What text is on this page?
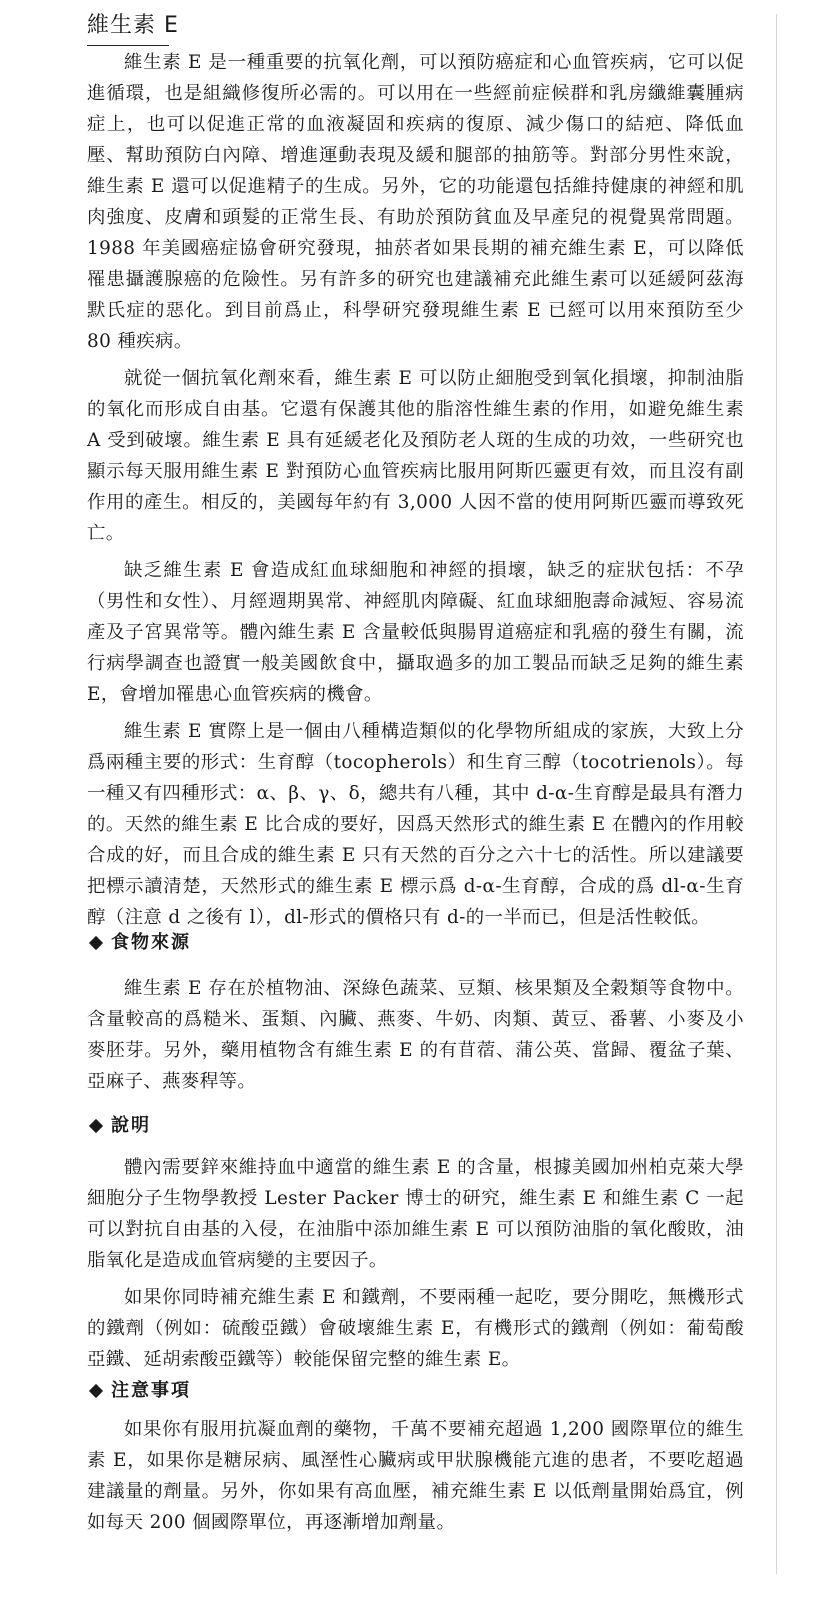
維生素 E

維生素 E 是一種重要的抗氧化劑，可以預防癌症和心血管疾病，它可以促進循環，也是組織修復所必需的。可以用在一些經前症候群和乳房纖維囊腫病症上，也可以促進正常的血液凝固和疾病的復原、減少傷口的結疤、降低血壓、幫助預防白內障、增進運動表現及緩和腿部的抽筋等。對部分男性來說，維生素 E 還可以促進精子的生成。另外，它的功能還包括維持健康的神經和肌肉強度、皮膚和頭髮的正常生長、有助於預防貧血及早產兒的視覺異常問題。1988 年美國癌症協會研究發現，抽菸者如果長期的補充維生素 E，可以降低罹患攝護腺癌的危險性。另有許多的研究也建議補充此維生素可以延緩阿茲海默氏症的惡化。到目前爲止，科學研究發現維生素 E 已經可以用來預防至少 80 種疾病。

就從一個抗氧化劑來看，維生素 E 可以防止細胞受到氧化損壞，抑制油脂的氧化而形成自由基。它還有保護其他的脂溶性維生素的作用，如避免維生素 A 受到破壞。維生素 E 具有延緩老化及預防老人斑的生成的功效，一些研究也顯示每天服用維生素 E 對預防心血管疾病比服用阿斯匹靈更有效，而且沒有副作用的產生。相反的，美國每年約有 3,000 人因不當的使用阿斯匹靈而導致死亡。

缺乏維生素 E 會造成紅血球細胞和神經的損壞，缺乏的症狀包括：不孕（男性和女性）、月經週期異常、神經肌肉障礙、紅血球細胞壽命減短、容易流產及子宮異常等。體內維生素 E 含量較低與腸胃道癌症和乳癌的發生有關，流行病學調查也證實一般美國飲食中，攝取過多的加工製品而缺乏足夠的維生素 E，會增加罹患心血管疾病的機會。

維生素 E 實際上是一個由八種構造類似的化學物所組成的家族，大致上分爲兩種主要的形式：生育醇（tocopherols）和生育三醇（tocotrienols）。每一種又有四種形式：α、β、γ、δ，總共有八種，其中 d-α-生育醇是最具有潛力的。天然的維生素 E 比合成的要好，因爲天然形式的維生素 E 在體內的作用較合成的好，而且合成的維生素 E 只有天然的百分之六十七的活性。所以建議要把標示讀清楚，天然形式的維生素 E 標示爲 d-α-生育醇，合成的爲 dl-α-生育醇（注意 d 之後有 l），dl-形式的價格只有 d-的一半而已，但是活性較低。

食物來源

維生素 E 存在於植物油、深綠色蔬菜、豆類、核果類及全穀類等食物中。含量較高的爲糙米、蛋類、內臟、燕麥、牛奶、肉類、黃豆、番薯、小麥及小麥胚芽。另外，藥用植物含有維生素 E 的有苜蓿、蒲公英、當歸、覆盆子葉、亞麻子、燕麥稈等。

說明

體內需要鋅來維持血中適當的維生素 E 的含量，根據美國加州柏克萊大學細胞分子生物學教授 Lester Packer 博士的研究，維生素 E 和維生素 C 一起可以對抗自由基的入侵，在油脂中添加維生素 E 可以預防油脂的氧化酸敗，油脂氧化是造成血管病變的主要因子。

如果你同時補充維生素 E 和鐵劑，不要兩種一起吃，要分開吃，無機形式的鐵劑（例如：硫酸亞鐵）會破壞維生素 E，有機形式的鐵劑（例如：葡萄酸亞鐵、延胡索酸亞鐵等）較能保留完整的維生素 E。

注意事項

如果你有服用抗凝血劑的藥物，千萬不要補充超過 1,200 國際單位的維生素 E，如果你是糖尿病、風溼性心臟病或甲狀腺機能亢進的患者，不要吃超過建議量的劑量。另外，你如果有高血壓，補充維生素 E 以低劑量開始爲宜，例如每天 200 個國際單位，再逐漸增加劑量。
